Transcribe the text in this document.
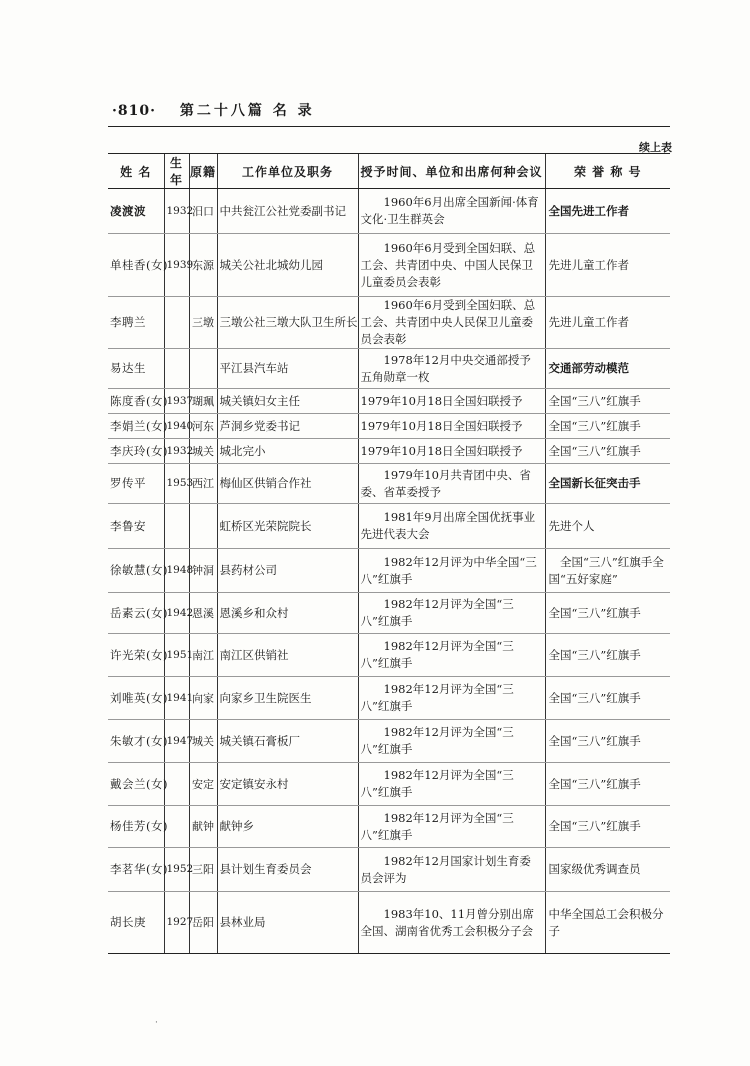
·810· 第二十八篇 名 录
续上表
姓 名	生年	原籍	工作单位及职务	授予时间、单位和出席何种会议	荣 誉 称 号
凌渡波	1932	汨口	中共瓮江公社党委副书记	1960年6月出席全国新闻·体育文化·卫生群英会	全国先进工作者
单桂香(女)	1939	东源	城关公社北城幼儿园	1960年6月受到全国妇联、总工会、共青团中央、中国人民保卫儿童委员会表彰	先进儿童工作者
李聘兰		三墩	三墩公社三墩大队卫生所长	1960年6月受到全国妇联、总工会、共青团中央人民保卫儿童委员会表彰	先进儿童工作者
易达生			平江县汽车站	1978年12月中央交通部授予五角勋章一枚	交通部劳动模范
陈度香(女)	1937	瑚珮	城关镇妇女主任	1979年10月18日全国妇联授予	全国“三八”红旗手
李娟兰(女)	1940	河东	芦洞乡党委书记	1979年10月18日全国妇联授予	全国“三八”红旗手
李庆玲(女)	1932	城关	城北完小	1979年10月18日全国妇联授予	全国“三八”红旗手
罗传平	1953	西江	梅仙区供销合作社	1979年10月共青团中央、省委、省革委授予	全国新长征突击手
李鲁安			虹桥区光荣院院长	1981年9月出席全国优抚事业先进代表大会	先进个人
徐敏慧(女)	1948	钟洞	县药材公司	1982年12月评为中华全国“三八”红旗手	全国“三八”红旗手全国“五好家庭”
岳素云(女)	1942	恩溪	恩溪乡和众村	1982年12月评为全国“三八”红旗手	全国“三八”红旗手
许光荣(女)	1951	南江	南江区供销社	1982年12月评为全国“三八”红旗手	全国“三八”红旗手
刘唯英(女)	1941	向家	向家乡卫生院医生	1982年12月评为全国“三八”红旗手	全国“三八”红旗手
朱敏才(女)	1947	城关	城关镇石膏板厂	1982年12月评为全国“三八”红旗手	全国“三八”红旗手
戴会兰(女)		安定	安定镇安永村	1982年12月评为全国“三八”红旗手	全国“三八”红旗手
杨佳芳(女)		献钟	献钟乡	1982年12月评为全国“三八”红旗手	全国“三八”红旗手
李茗华(女)	1952	三阳	县计划生育委员会	1982年12月国家计划生育委员会评为	国家级优秀调查员
胡长庚	1927	岳阳	县林业局	1983年10、11月曾分别出席全国、湖南省优秀工会积极分子会	中华全国总工会积极分子
·
